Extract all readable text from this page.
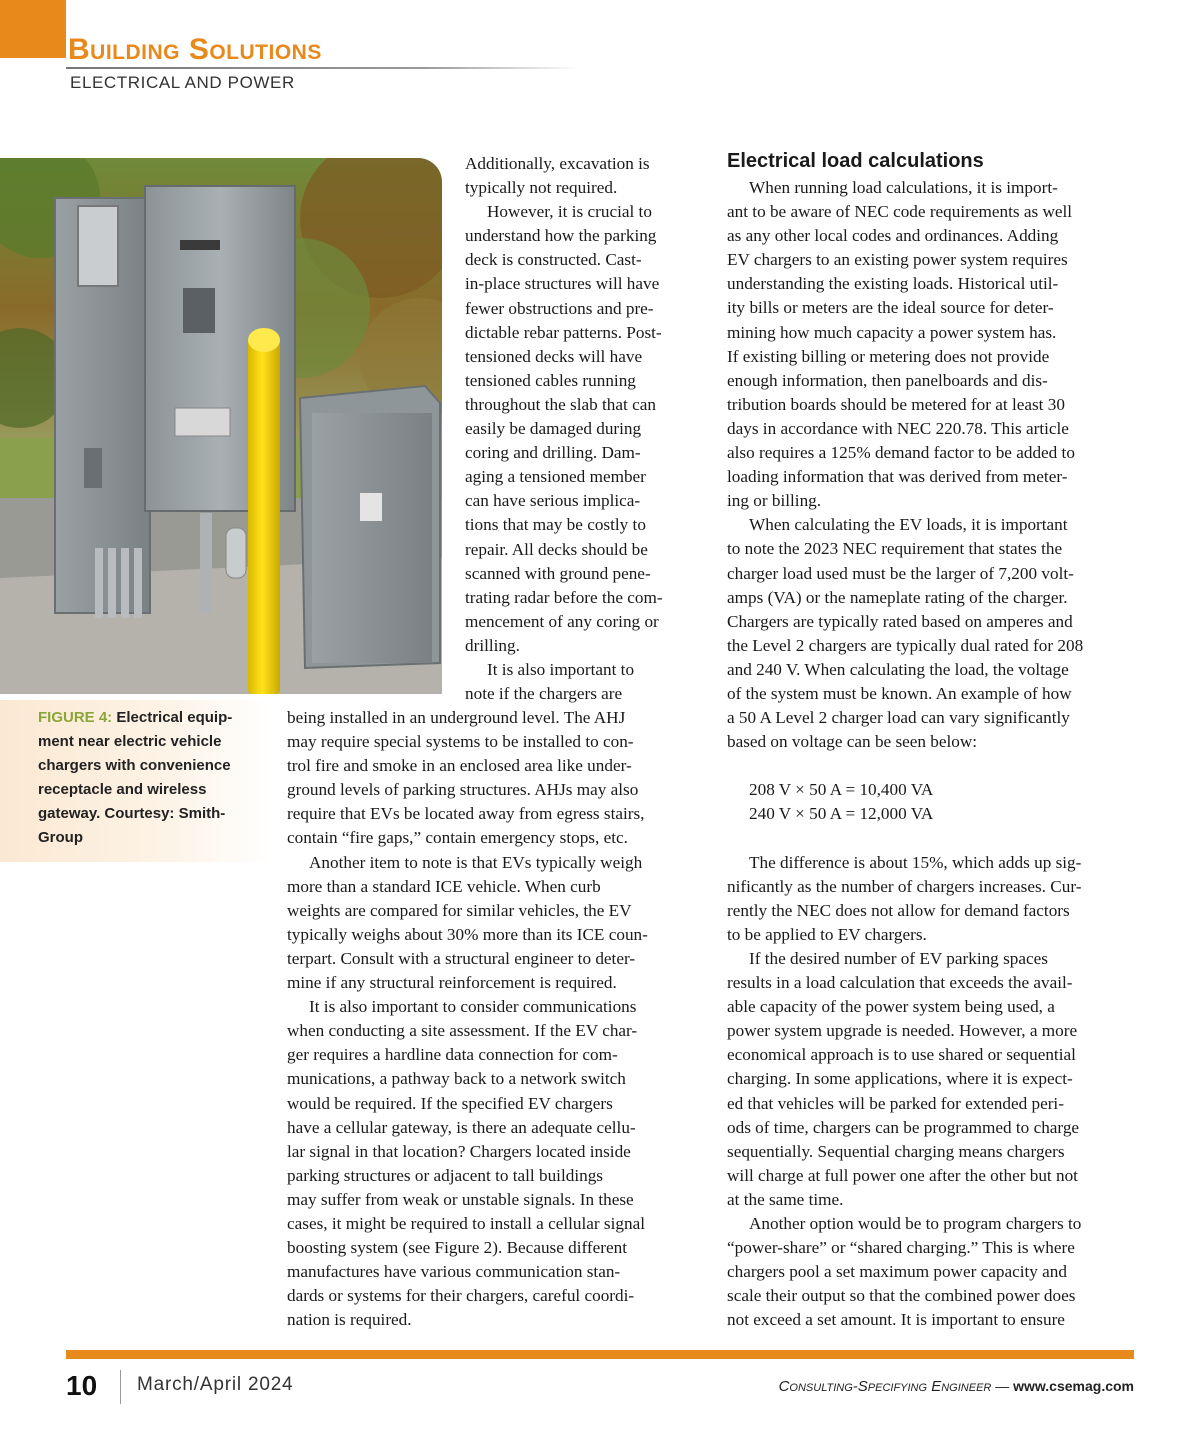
Building Solutions
ELECTRICAL AND POWER
FIGURE 4: Electrical equip-
ment near electric vehicle
chargers with convenience
receptacle and wireless
gateway. Courtesy: Smith-
Group

Additionally, excavation is

typically not required.

However, it is crucial to

understand how the parking

deck is constructed. Cast-

in-place structures will have

fewer obstructions and pre-

dictable rebar patterns. Post-

tensioned decks will have

tensioned cables running

throughout the slab that can

easily be damaged during

coring and drilling. Dam-

aging a tensioned member

can have serious implica-

tions that may be costly to

repair. All decks should be

scanned with ground pene-

trating radar before the com-

mencement of any coring or

drilling.

It is also important to

note if the chargers are

being installed in an underground level. The AHJ

may require special systems to be installed to con-

trol fire and smoke in an enclosed area like under-

ground levels of parking structures. AHJs may also

require that EVs be located away from egress stairs,

contain “fire gaps,” contain emergency stops, etc.

Another item to note is that EVs typically weigh

more than a standard ICE vehicle. When curb

weights are compared for similar vehicles, the EV

typically weighs about 30% more than its ICE coun-

terpart. Consult with a structural engineer to deter-

mine if any structural reinforcement is required.

It is also important to consider communications

when conducting a site assessment. If the EV char-

ger requires a hardline data connection for com-

munications, a pathway back to a network switch

would be required. If the specified EV chargers

have a cellular gateway, is there an adequate cellu-

lar signal in that location? Chargers located inside

parking structures or adjacent to tall buildings

may suffer from weak or unstable signals. In these

cases, it might be required to install a cellular signal

boosting system (see Figure 2). Because different

manufactures have various communication stan-

dards or systems for their chargers, careful coordi-

nation is required.

Electrical load calculations

When running load calculations, it is import-

ant to be aware of NEC code requirements as well

as any other local codes and ordinances. Adding

EV chargers to an existing power system requires

understanding the existing loads. Historical util-

ity bills or meters are the ideal source for deter-

mining how much capacity a power system has.

If existing billing or metering does not provide

enough information, then panelboards and dis-

tribution boards should be metered for at least 30

days in accordance with NEC 220.78. This article

also requires a 125% demand factor to be added to

loading information that was derived from meter-

ing or billing.

When calculating the EV loads, it is important

to note the 2023 NEC requirement that states the

charger load used must be the larger of 7,200 volt-

amps (VA) or the nameplate rating of the charger.

Chargers are typically rated based on amperes and

the Level 2 chargers are typically dual rated for 208

and 240 V. When calculating the load, the voltage

of the system must be known. An example of how

a 50 A Level 2 charger load can vary significantly

based on voltage can be seen below:

208 V × 50 A = 10,400 VA

240 V × 50 A = 12,000 VA

The difference is about 15%, which adds up sig-

nificantly as the number of chargers increases. Cur-

rently the NEC does not allow for demand factors

to be applied to EV chargers.

If the desired number of EV parking spaces

results in a load calculation that exceeds the avail-

able capacity of the power system being used, a

power system upgrade is needed. However, a more

economical approach is to use shared or sequential

charging. In some applications, where it is expect-

ed that vehicles will be parked for extended peri-

ods of time, chargers can be programmed to charge

sequentially. Sequential charging means chargers

will charge at full power one after the other but not

at the same time.

Another option would be to program chargers to

“power-share” or “shared charging.” This is where

chargers pool a set maximum power capacity and

scale their output so that the combined power does

not exceed a set amount. It is important to ensure

10 March/April 2024	Consulting-Specifying Engineer — www.csemag.com
